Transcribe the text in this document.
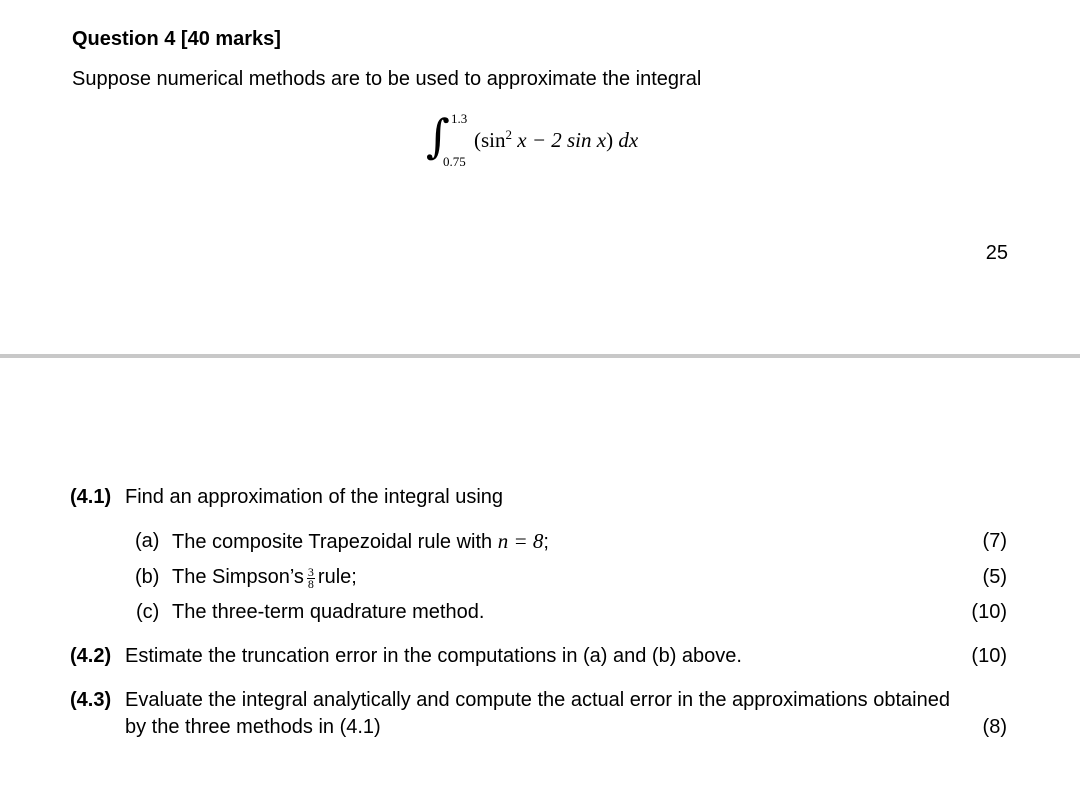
Question 4 [40 marks]
Suppose numerical methods are to be used to approximate the integral
∫ 1.3
0.75
($\sin^2$ x − 2 sin x) dx
25
(4.1) Find an approximation of the integral using
(a) The composite Trapezoidal rule with n = 8;	(7)
(b) The Simpson’s $\frac{3}{8}$ rule;	(5)
(c) The three-term quadrature method.	(10)
(4.2) Estimate the truncation error in the computations in (a) and (b) above.	(10)
(4.3) Evaluate the integral analytically and compute the actual error in the approximations obtained
by the three methods in (4.1)	(8)
